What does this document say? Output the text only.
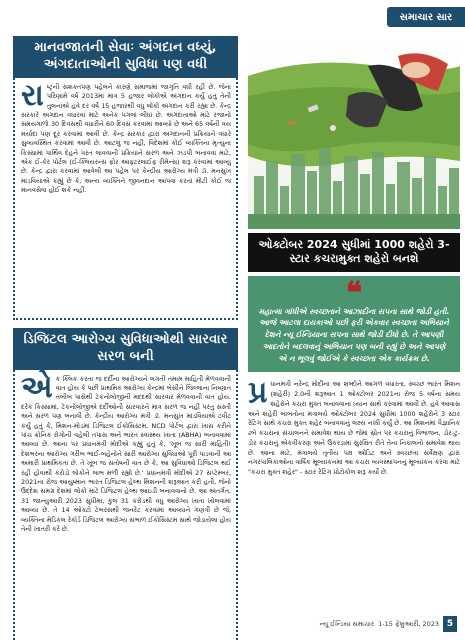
સમાચાર સાર
માનવજાતની સેવાઃ અંગદાન વધ્યું, અંગદાતાઓની સુવિધા પણ વધી
રા ષ્ટ્રની સશક્તપણ પહેલને કારણે સમાજમાં જાગૃતિ વધી રહી છે. જેના પરિણામે વર્ષ 2013માં માત્ર 5 હજાર લોકોએ અંગદાન કર્યું હતું તેની તુલનાએ હવે દર વર્ષે 15 હજારથી વધુ લોકો અંગદાન કરી રહ્યા છે. કેન્દ્ર સરકારે અંગદાન વધારવા માટે અનેક પગલાં લીધાં છે. અંગદાતાઓ માટે રજાનો સમયગાળો 30 દિવસથી વધારીને 60 દિવસ કરવામાં આવ્યો છે અને 65 વર્ષની વય મર્યાદા પણ દૂર કરવામાં આવી છે. કેન્દ્ર સરકાર દ્વારા અંગદાનની પ્રક્રિયાને વધારે સુવ્યવસ્થિત કરવામાં આવી છે. આટલું જ નહીં, વિદેશમાં કોઈ વ્યક્તિના મૃત્યુના કિસ્સામાં પાર્થિવ દેહને પરત લાવવાની પ્રક્રિયાને સરળ અને ઝડપી બનાવવા માટે, એક ઈ-કેર પોર્ટલ (ઈ-ક્લિયરન્સ ફોર આફ્ટરલાઈફ રીમેન્સ) શરૂ કરવામાં આવ્યું છે. કેન્દ્ર દ્વારા કરવામાં આવેલી આ પહેલ પર કેન્દ્રીય આરોગ્ય મંત્રી ડૉ. મનસુખ માંડવિયાએ કહ્યું છે કે, અન્ય વ્યક્તિને જીવનદાન આપવા કરતાં મોટી કોઈ જ માનવસેવા હોઈ શકે નહીં.
ડિજિટલ આરોગ્ય સુવિધાઓથી સારવાર સરળ બની
એ ક ક્લિક કરતા જ દર્દીના આરોગ્યને લગતી તમામ માહિતી મેળવવાની વાત હોય કે પછી પ્રાથમિક આરોગ્ય કેન્દ્રમાં બેસીને જિલ્લાના નિષ્ણાત તબીબ પાસેથી ટેકનોલોજીની મદદથી સારવાર મેળવવાની વાત હોય. દરેક કિસ્સામાં, ટેકનોલોજીએ દર્દીઓની સારવારને માત્ર સરળ જ નહીં પરંતુ સસ્તી અને સરળ પણ બનાવી છે. કેન્દ્રીય આરોગ્ય મંત્રી ડૉ. મનસુખ માંડવિયાએ ટ્વીટ કર્યું હતું કે, મિશન-મોડમાં ડિજિટલ ઈકોસિસ્ટમ, NCD પોર્ટલ દ્વારા ખાસ કરીને પાંચ ક્રોનિક રોગોની વહેલી તપાસ અને ભારત સ્વાસ્થ્ય ખાતા (ABHA) બનાવવામાં આવ્યા છે. આના પર પ્રધાનમંત્રી મોદીએ કહ્યું હતું કે, 'ખૂબ જ સારી માહિતી! દેશભરના આરોગ્ય ગરીબ ભાઈ-બહેનોને સારી આરોગ્ય સુવિધાઓ પૂરી પાડવાની આ અમારી પ્રાથમિકતા છે. તે ખૂબ જ સંતોષની વાત છે કે, આ સુવિધાઓ ડિજિટલ થઈ રહી હોવાથી કરોડો લોકોને લાભ મળી રહ્યો છે.' પ્રધાનમંત્રી મોદીએ 27 સપ્ટેમ્બર, 2021ના રોજ આયુષ્માન ભારત ડિજિટલ હેલ્થ મિશનની શરૂઆત કરી હતી, જેનો ઉદ્દેશ સમગ્ર દેશમાં લોકો માટે ડિજિટલ હેલ્થ આઇડી બનાવવાનો છે. આ અંતર્ગત, 31 જાન્યુઆરી 2023 સુધીમાં, કુલ 31 કરોડથી વધુ આરોગ્ય ખાતા ખોલવામાં આવ્યા છે. તે 14 ઓક્ટો ટેબરસથી જનરેટ કરવામાં આવ્યાને ગણત્રી છે જે, વ્યક્તિના મેડિકલ રેકોર્ડ ડિજિટલ આરોગ્ય સંભાળ ઈકોસિસ્ટમ સાથે જોડાયેલા હોય તેની ખાતરી કરે છે.
ઓક્ટોબર 2024 સુધીમાં 1000 શહેરો 3-સ્ટાર કચરામુક્ત શહેરો બનશે
❝
મહાત્મા ગાંધીએ સ્વચ્છતાને આઝાદીના સપના સાથે જોડી હતી. આજે આટલા દાયકાઓ પછી ફરી એકવાર સ્વચ્છતા અભિયાને દેશને ન્યૂ ઈન્ડિયાના સપના સાથે જોડી દીધો છે. તે આપણી આદતોને બદલવાનું અભિયાન પણ બની રહ્યું છે અને આપણે એ ન ભૂલવું જોઈએ કે સ્વચ્છતા એક કાર્યક્રમ છે.
પ્ર ધાનમંત્રી નરેન્દ્ર મોદીના આ શબ્દોને આગળ વધારતા, સ્વચ્છ ભારત મિશન (શહેરી) 2.0ની શરૂઆત 1 ઓક્ટોબર 2021ના રોજ 5 વર્ષના સમય શહેરોને કચરા મુક્ત બનાવવાના ધ્યાન સાથે કરવામાં આવી છે. હવે આવાસ અને શહેરી બાબતોના મંત્રાલયે ઓક્ટોબર 2024 સુધીમાં 1000 શહેરોને 3 સ્ટાર રેટિંગ સાથે કચરા મુક્ત શહેર બનાવવાનું લક્ષ્ય નક્કી કર્યું છે. આ મિશનમાં વૈજ્ઞાનિક ઢબે કચરાના સંચાલનને સમાવેશ થાય છે જેમાં સ્રોત પર કચરાનું વિભાજન, ડોર-ટુ-ડોર કચરાનું એકત્રીકરણ અને ઉકરડામાં સુરક્ષિત રીતે તેના નિકાલનો સમાવેશ થાય છે. આના માટે, મંત્રાલયે તૃતીય પક્ષ ઓડિટ અને સ્વચ્છતા સર્વેક્ષણ દ્વારા નગરપાલિકાઓના વાર્ષિક મૂલ્યાંકનમાં આ કચરા વ્યવસ્થાપનનું મૂલ્યાંકન કરવા માટે "કચરા મુક્ત શહેર" - સ્ટાર રેટિંગ પ્રોટોકોલ શરૂ કર્યો છે.
ન્યૂ ઈન્ડિયા સમાચાર 1-15 ફેબ્રુઆરી, 2023 5
